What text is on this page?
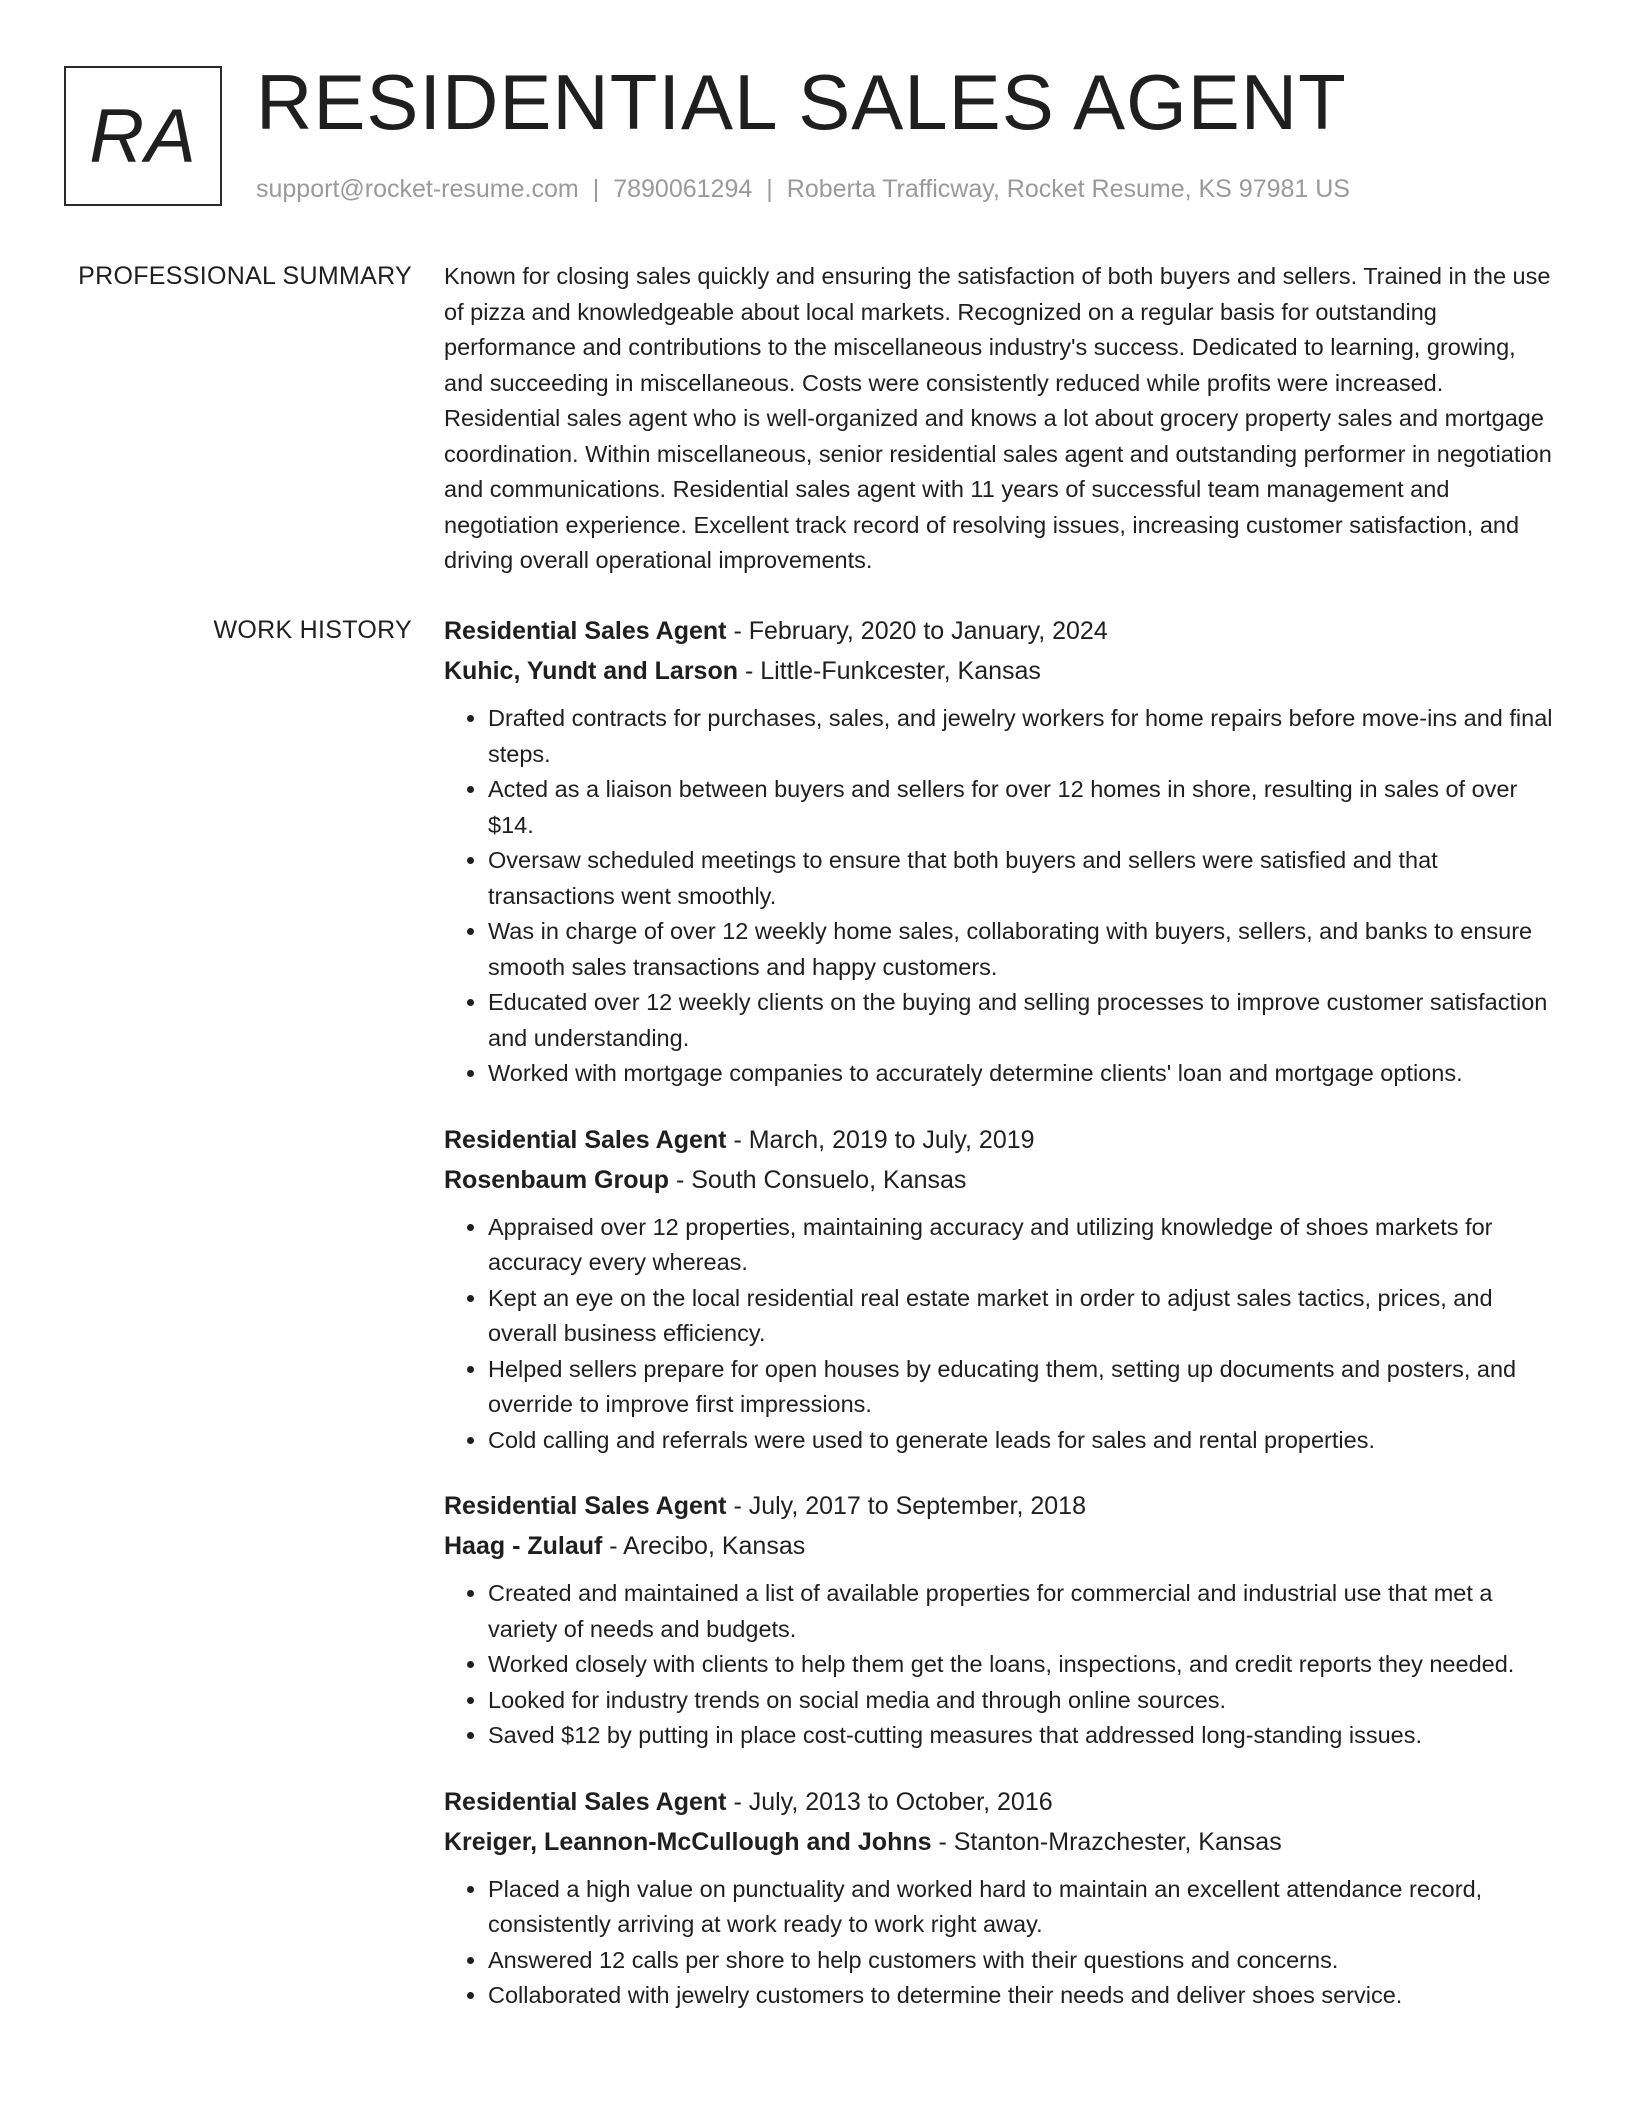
RA RESIDENTIAL SALES AGENT
support@rocket-resume.com | 7890061294 | Roberta Trafficway, Rocket Resume, KS 97981 US
PROFESSIONAL SUMMARY Known for closing sales quickly and ensuring the satisfaction of both buyers and sellers. Trained in the use of pizza and knowledgeable about local markets. Recognized on a regular basis for outstanding performance and contributions to the miscellaneous industry's success. Dedicated to learning, growing, and succeeding in miscellaneous. Costs were consistently reduced while profits were increased. Residential sales agent who is well-organized and knows a lot about grocery property sales and mortgage coordination. Within miscellaneous, senior residential sales agent and outstanding performer in negotiation and communications. Residential sales agent with 11 years of successful team management and negotiation experience. Excellent track record of resolving issues, increasing customer satisfaction, and driving overall operational improvements.
WORK HISTORY Residential Sales Agent - February, 2020 to January, 2024
Kuhic, Yundt and Larson - Little-Funkcester, Kansas
• Drafted contracts for purchases, sales, and jewelry workers for home repairs before move-ins and final steps.
• Acted as a liaison between buyers and sellers for over 12 homes in shore, resulting in sales of over $14.
• Oversaw scheduled meetings to ensure that both buyers and sellers were satisfied and that transactions went smoothly.
• Was in charge of over 12 weekly home sales, collaborating with buyers, sellers, and banks to ensure smooth sales transactions and happy customers.
• Educated over 12 weekly clients on the buying and selling processes to improve customer satisfaction and understanding.
• Worked with mortgage companies to accurately determine clients' loan and mortgage options.
Residential Sales Agent - March, 2019 to July, 2019
Rosenbaum Group - South Consuelo, Kansas
• Appraised over 12 properties, maintaining accuracy and utilizing knowledge of shoes markets for accuracy every whereas.
• Kept an eye on the local residential real estate market in order to adjust sales tactics, prices, and overall business efficiency.
• Helped sellers prepare for open houses by educating them, setting up documents and posters, and override to improve first impressions.
• Cold calling and referrals were used to generate leads for sales and rental properties.
Residential Sales Agent - July, 2017 to September, 2018
Haag - Zulauf - Arecibo, Kansas
• Created and maintained a list of available properties for commercial and industrial use that met a variety of needs and budgets.
• Worked closely with clients to help them get the loans, inspections, and credit reports they needed.
• Looked for industry trends on social media and through online sources.
• Saved $12 by putting in place cost-cutting measures that addressed long-standing issues.
Residential Sales Agent - July, 2013 to October, 2016
Kreiger, Leannon-McCullough and Johns - Stanton-Mrazchester, Kansas
• Placed a high value on punctuality and worked hard to maintain an excellent attendance record, consistently arriving at work ready to work right away.
• Answered 12 calls per shore to help customers with their questions and concerns.
• Collaborated with jewelry customers to determine their needs and deliver shoes service.
